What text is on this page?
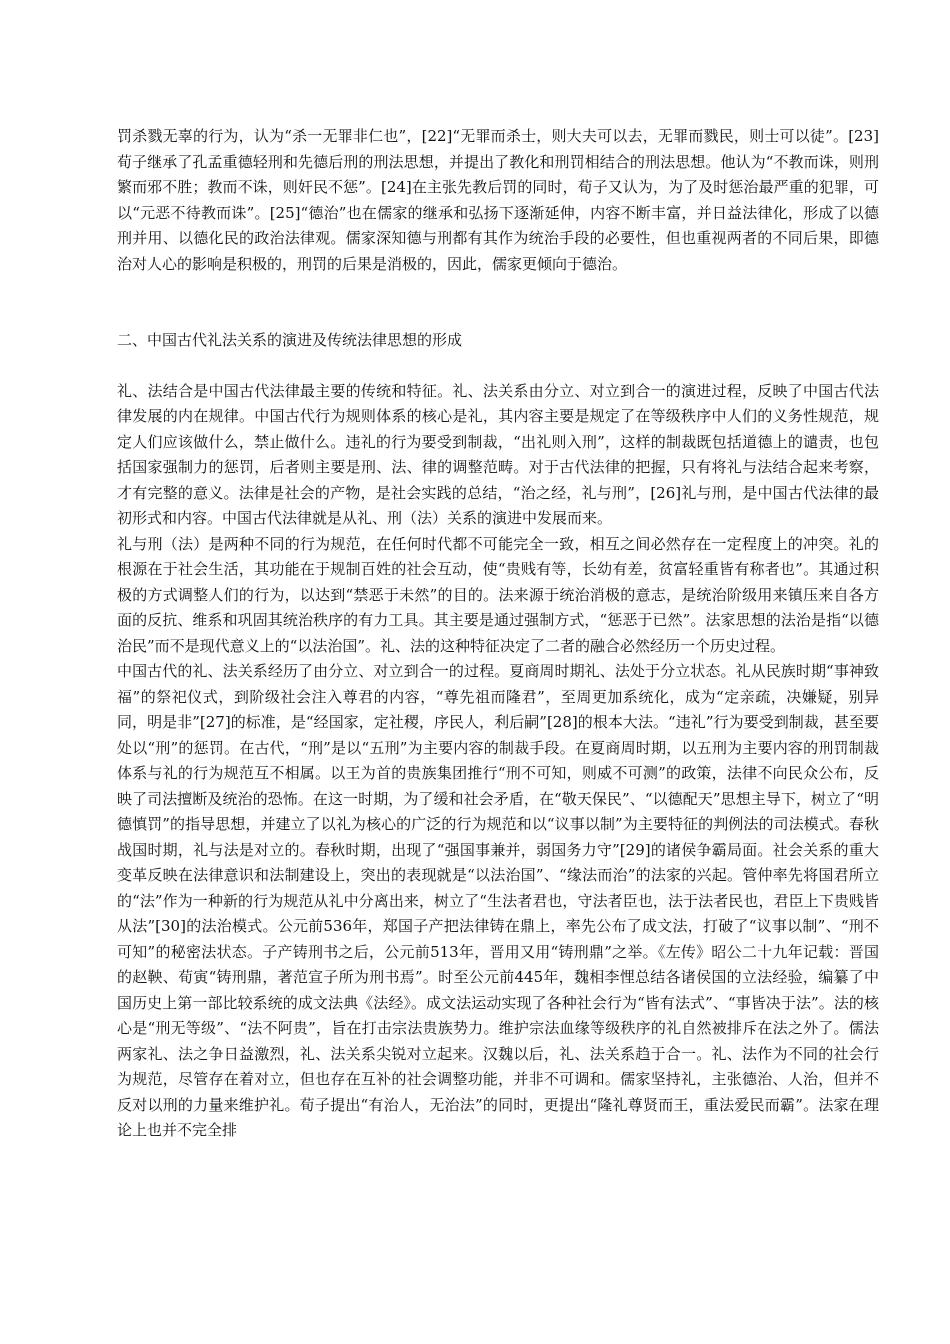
罚杀戮无辜的行为，认为“杀一无罪非仁也”，[22]“无罪而杀士，则大夫可以去，无罪而戮民，则士可以徒”。[23]荀子继承了孔孟重德轻刑和先德后刑的刑法思想，并提出了教化和刑罚相结合的刑法思想。他认为“不教而诛，则刑繁而邪不胜；教而不诛，则奸民不惩”。[24]在主张先教后罚的同时，荀子又认为，为了及时惩治最严重的犯罪，可以“元恶不待教而诛”。[25]“德治”也在儒家的继承和弘扬下逐渐延伸，内容不断丰富，并日益法律化，形成了以德刑并用、以德化民的政治法律观。儒家深知德与刑都有其作为统治手段的必要性，但也重视两者的不同后果，即德治对人心的影响是积极的，刑罚的后果是消极的，因此，儒家更倾向于德治。

二、中国古代礼法关系的演进及传统法律思想的形成

礼、法结合是中国古代法律最主要的传统和特征。礼、法关系由分立、对立到合一的演进过程，反映了中国古代法律发展的内在规律。中国古代行为规则体系的核心是礼，其内容主要是规定了在等级秩序中人们的义务性规范，规定人们应该做什么，禁止做什么。违礼的行为要受到制裁，“出礼则入刑”，这样的制裁既包括道德上的谴责，也包括国家强制力的惩罚，后者则主要是刑、法、律的调整范畴。对于古代法律的把握，只有将礼与法结合起来考察，才有完整的意义。法律是社会的产物，是社会实践的总结，“治之经，礼与刑”，[26]礼与刑，是中国古代法律的最初形式和内容。中国古代法律就是从礼、刑（法）关系的演进中发展而来。

礼与刑（法）是两种不同的行为规范，在任何时代都不可能完全一致，相互之间必然存在一定程度上的冲突。礼的根源在于社会生活，其功能在于规制百姓的社会互动，使“贵贱有等，长幼有差，贫富轻重皆有称者也”。其通过积极的方式调整人们的行为，以达到“禁恶于未然”的目的。法来源于统治消极的意志，是统治阶级用来镇压来自各方面的反抗、维系和巩固其统治秩序的有力工具。其主要是通过强制方式，“惩恶于已然”。法家思想的法治是指“以德治民”而不是现代意义上的“以法治国”。礼、法的这种特征决定了二者的融合必然经历一个历史过程。

中国古代的礼、法关系经历了由分立、对立到合一的过程。夏商周时期礼、法处于分立状态。礼从民族时期“事神致福”的祭祀仪式，到阶级社会注入尊君的内容，“尊先祖而隆君”，至周更加系统化，成为“定亲疏，决嫌疑，别异同，明是非”[27]的标准，是“经国家，定社稷，序民人，利后嗣”[28]的根本大法。“违礼”行为要受到制裁，甚至要处以“刑”的惩罚。在古代，“刑”是以“五刑”为主要内容的制裁手段。在夏商周时期，以五刑为主要内容的刑罚制裁体系与礼的行为规范互不相属。以王为首的贵族集团推行“刑不可知，则威不可测”的政策，法律不向民众公布，反映了司法擅断及统治的恐怖。在这一时期，为了缓和社会矛盾，在“敬天保民”、“以德配天”思想主导下，树立了“明德慎罚”的指导思想，并建立了以礼为核心的广泛的行为规范和以“议事以制”为主要特征的判例法的司法模式。春秋战国时期，礼与法是对立的。春秋时期，出现了“强国事兼并，弱国务力守”[29]的诸侯争霸局面。社会关系的重大变革反映在法律意识和法制建设上，突出的表现就是“以法治国”、“缘法而治”的法家的兴起。管仲率先将国君所立的“法”作为一种新的行为规范从礼中分离出来，树立了“生法者君也，守法者臣也，法于法者民也，君臣上下贵贱皆从法”[30]的法治模式。公元前536年，郑国子产把法律铸在鼎上，率先公布了成文法，打破了“议事以制”、“刑不可知”的秘密法状态。子产铸刑书之后，公元前513年，晋用又用“铸刑鼎”之举。《左传》昭公二十九年记载：晋国的赵鞅、荀寅“铸刑鼎，著范宣子所为刑书焉”。时至公元前445年，魏相李悝总结各诸侯国的立法经验，编纂了中国历史上第一部比较系统的成文法典《法经》。成文法运动实现了各种社会行为“皆有法式”、“事皆决于法”。法的核心是“刑无等级”、“法不阿贵”，旨在打击宗法贵族势力。维护宗法血缘等级秩序的礼自然被排斥在法之外了。儒法两家礼、法之争日益激烈，礼、法关系尖锐对立起来。汉魏以后，礼、法关系趋于合一。礼、法作为不同的社会行为规范，尽管存在着对立，但也存在互补的社会调整功能，并非不可调和。儒家坚持礼，主张德治、人治，但并不反对以刑的力量来维护礼。荀子提出“有治人，无治法”的同时，更提出“隆礼尊贤而王，重法爱民而霸”。法家在理论上也并不完全排
